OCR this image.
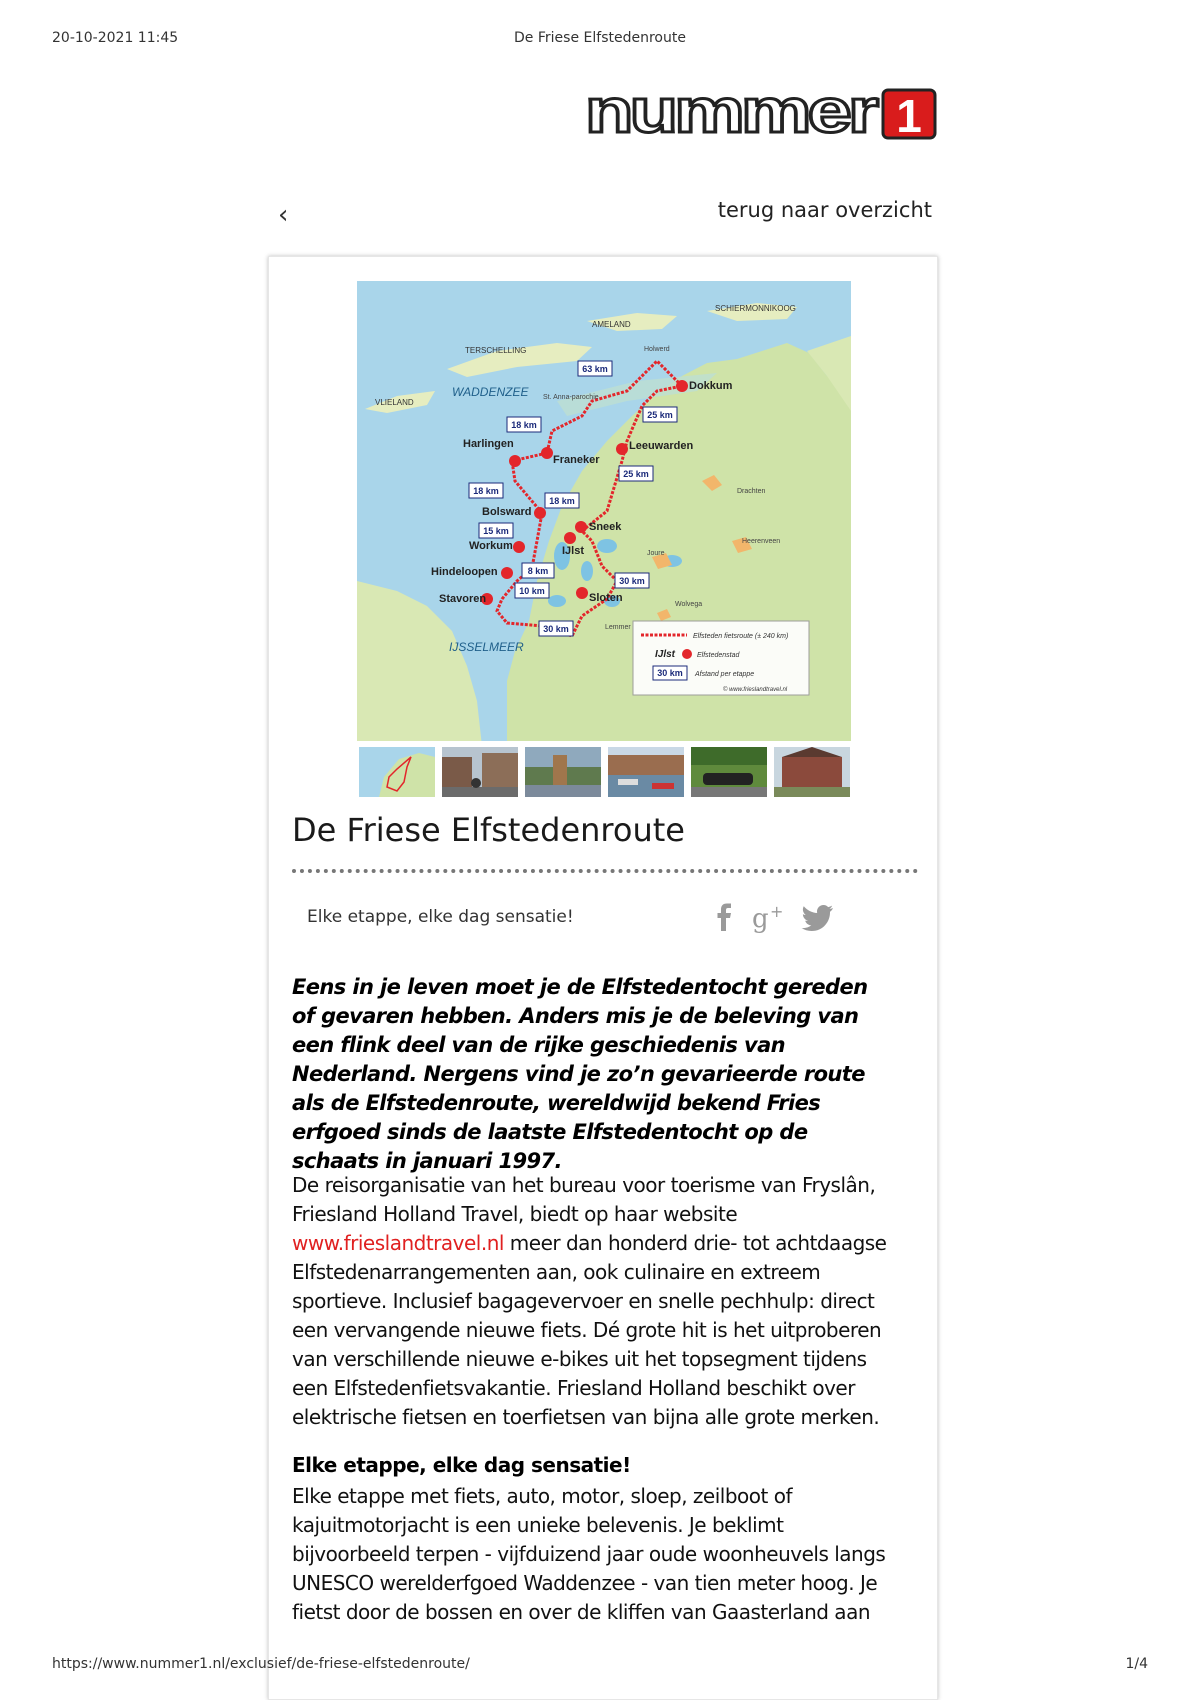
20-10-2021 11:45	De Friese Elfstedenroute
nummer 1
‹	terug naar overzicht
WADDENZEE
IJSSELMEER
TERSCHELLING
AMELAND
SCHIERMONNIKOOG
VLIELAND
Dokkum
Leeuwarden
Franeker
Harlingen
Bolsward
Workum
Hindeloopen
Stavoren	Sloten
IJlst
Sneek
Holwerd
St. Anna-parochie
Drachten
Heerenveen
Joure
Wolvega
Lemmer
63 km
25 km
18 km
25 km
18 km
18 km
15 km
8 km
10 km
30 km
30 km
Elfsteden fietsroute (± 240 km)
IJlst	Elfstedenstad
30 km Afstand per etappe
© www.frieslandtravel.nl
De Friese Elfstedenroute
Elke etappe, elke dag sensatie!	g +
Eens in je leven moet je de Elfstedentocht gereden of gevaren hebben. Anders mis je de beleving van een flink deel van de rijke geschiedenis van Nederland. Nergens vind je zo’n gevarieerde route als de Elfstedenroute, wereldwijd bekend Fries erfgoed sinds de laatste Elfstedentocht op de schaats in januari 1997.
De reisorganisatie van het bureau voor toerisme van Fryslân, Friesland Holland Travel, biedt op haar website www.frieslandtravel.nl meer dan honderd drie- tot achtdaagse Elfstedenarrangementen aan, ook culinaire en extreem sportieve. Inclusief bagagevervoer en snelle pechhulp: direct een vervangende nieuwe fiets. Dé grote hit is het uitproberen van verschillende nieuwe e-bikes uit het topsegment tijdens een Elfstedenfietsvakantie. Friesland Holland beschikt over elektrische fietsen en toerfietsen van bijna alle grote merken.
Elke etappe, elke dag sensatie!
Elke etappe met fiets, auto, motor, sloep, zeilboot of kajuitmotorjacht is een unieke belevenis. Je beklimt bijvoorbeeld terpen - vijfduizend jaar oude woonheuvels langs UNESCO werelderfgoed Waddenzee - van tien meter hoog. Je fietst door de bossen en over de kliffen van Gaasterland aan
https://www.nummer1.nl/exclusief/de-friese-elfstedenroute/	1/4
